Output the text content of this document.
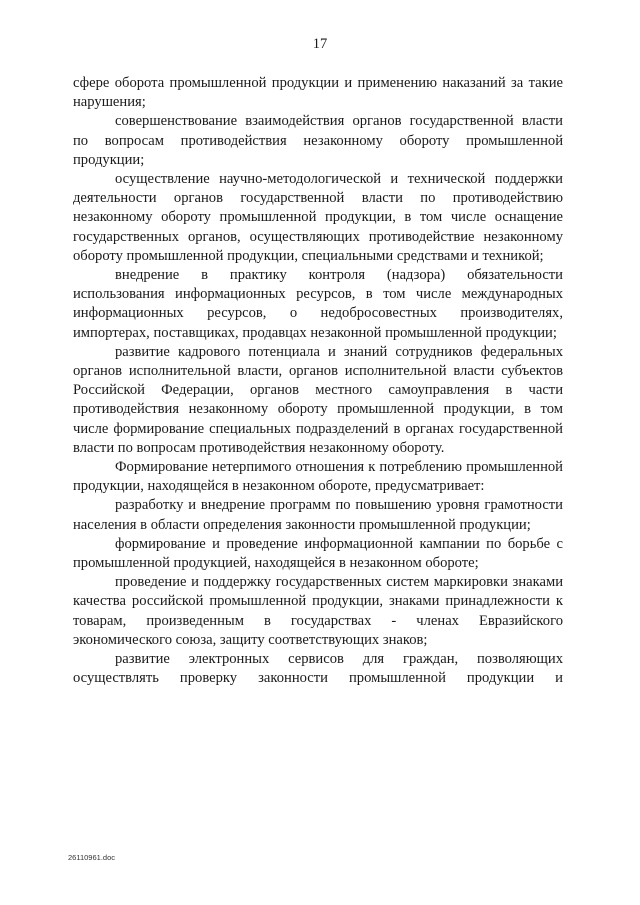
17

сфере оборота промышленной продукции и применению наказаний за такие нарушения;

совершенствование взаимодействия органов государственной власти по вопросам противодействия незаконному обороту промышленной продукции;

осуществление научно-методологической и технической поддержки деятельности органов государственной власти по противодействию незаконному обороту промышленной продукции, в том числе оснащение государственных органов, осуществляющих противодействие незаконному обороту промышленной продукции, специальными средствами и техникой;

внедрение в практику контроля (надзора) обязательности использования информационных ресурсов, в том числе международных информационных ресурсов, о недобросовестных производителях, импортерах, поставщиках, продавцах незаконной промышленной продукции;

развитие кадрового потенциала и знаний сотрудников федеральных органов исполнительной власти, органов исполнительной власти субъектов Российской Федерации, органов местного самоуправления в части противодействия незаконному обороту промышленной продукции, в том числе формирование специальных подразделений в органах государственной власти по вопросам противодействия незаконному обороту.

Формирование нетерпимого отношения к потреблению промышленной продукции, находящейся в незаконном обороте, предусматривает:

разработку и внедрение программ по повышению уровня грамотности населения в области определения законности промышленной продукции;

формирование и проведение информационной кампании по борьбе с промышленной продукцией, находящейся в незаконном обороте;

проведение и поддержку государственных систем маркировки знаками качества российской промышленной продукции, знаками принадлежности к товарам, произведенным в государствах - членах Евразийского экономического союза, защиту соответствующих знаков;

развитие электронных сервисов для граждан, позволяющих осуществлять проверку законности промышленной продукции и

26110961.doc
